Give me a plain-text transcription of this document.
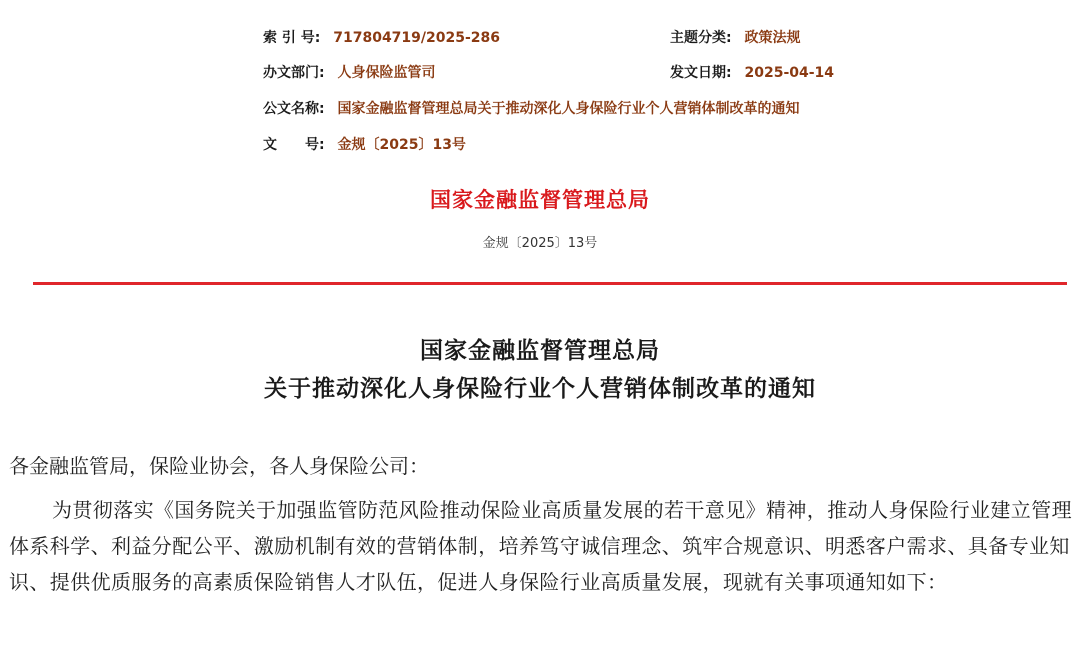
索 引 号: 717804719/2025-286	主题分类: 政策法规
办文部门: 人身保险监管司	发文日期: 2025-04-14
公文名称: 国家金融监督管理总局关于推动深化人身保险行业个人营销体制改革的通知
文　　号: 金规〔2025〕13号
国家金融监督管理总局
金规〔2025〕13号
国家金融监督管理总局
关于推动深化人身保险行业个人营销体制改革的通知
各金融监管局，保险业协会，各人身保险公司：
为贯彻落实《国务院关于加强监管防范风险推动保险业高质量发展的若干意见》精神，推动人身保险行业建立管理体系科学、利益分配公平、激励机制有效的营销体制，培养笃守诚信理念、筑牢合规意识、明悉客户需求、具备专业知识、提供优质服务的高素质保险销售人才队伍，促进人身保险行业高质量发展，现就有关事项通知如下：
